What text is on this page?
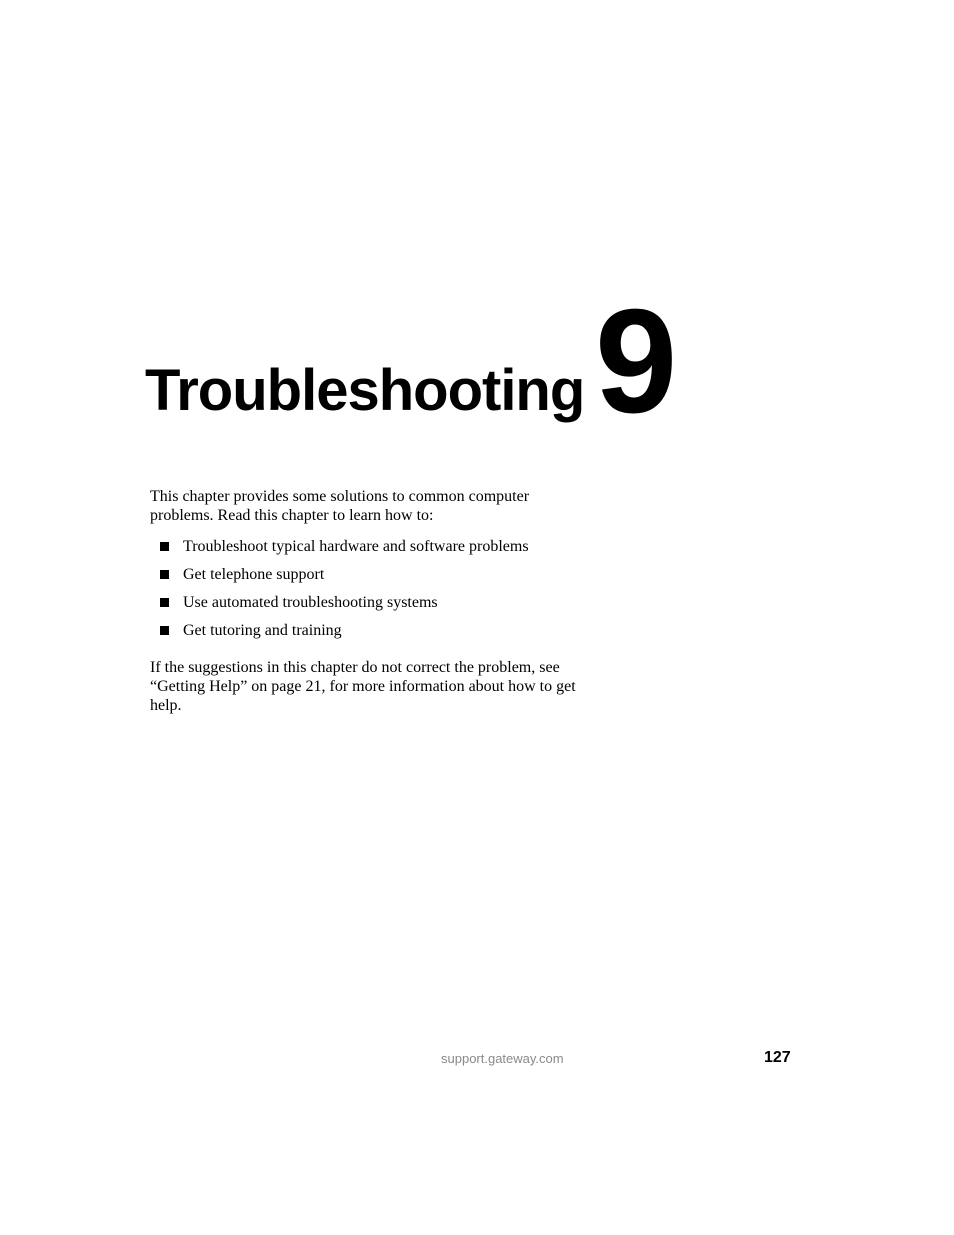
Troubleshooting 9

This chapter provides some solutions to common computer problems. Read this chapter to learn how to:

Troubleshoot typical hardware and software problems
Get telephone support
Use automated troubleshooting systems
Get tutoring and training

If the suggestions in this chapter do not correct the problem, see “Getting Help” on page 21, for more information about how to get help.

support.gateway.com	127
